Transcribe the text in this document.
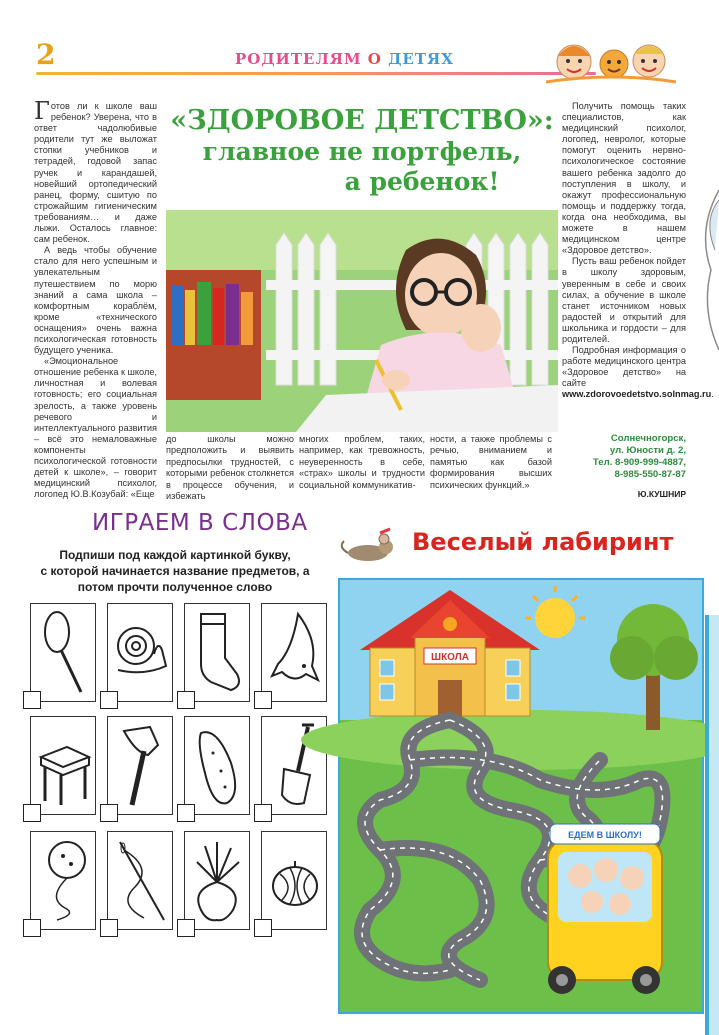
2	РОДИТЕЛЯМ О ДЕТЯХ

Готов ли к школе ваш ребенок? Уверена, что в ответ чадолюбивые родители тут же выложат стопки учебников и тетрадей, годовой запас ручек и карандашей, новейший ортопедический ранец, форму, сшитую по строжайшим гигиеническим требованиям… и даже лыжи. Осталось главное: сам ребенок.

А ведь чтобы обучение стало для него успешным и увлекательным путешествием по морю знаний а сама школа – комфортным кораблём, кроме «технического оснащения» очень важна психологическая готовность будущего ученика.

«Эмоциональное отношение ребенка к школе, личностная и волевая готовность; его социальная зрелость, а также уровень речевого и интеллектуального развития – всё это немаловажные компоненты психологической готовности детей к школе», – говорит медицинский психолог, логопед Ю.В.Козубай: «Еще

«ЗДОРОВОЕ ДЕТСТВО»:
главное не портфель,
а ребенок!
до школы можно предположить и выявить предпосылки трудностей, с которыми ребенок столкнется в процессе обучения, и избежать
многих проблем, таких, например, как тревожность, неуверенность в себе, «страх» школы и трудности социальной коммуникатив-
ности, а также проблемы с речью, вниманием и памятью как базой формирования высших психических функций.»

Получить помощь таких специалистов, как медицинский психолог, логопед, невролог, которые помогут оценить нервно-психологическое состояние вашего ребенка задолго до поступления в школу, и окажут профессиональную помощь и поддержку тогда, когда она необходима, вы можете в нашем медицинском центре «Здоровое детство».

Пусть ваш ребенок пойдет в школу здоровым, уверенным в себе и своих силах, а обучение в школе станет источником новых радостей и открытий для школьника и гордости – для родителей.

Подробная информация о работе медицинского центра «Здоровое детство» на сайте www.zdorovoedetstvo.solnmag.ru.

Солнечногорск,
ул. Юности д. 2,
Тел. 8-909-999-4887,
8-985-550-87-87
Ю.КУШНИР
ИГРАЕМ В СЛОВА
Подпиши под каждой картинкой букву,
с которой начинается название предметов, а
потом прочти полученное слово
Веселый лабиринт
ШКОЛА
ЕДЕМ В ШКОЛУ!
